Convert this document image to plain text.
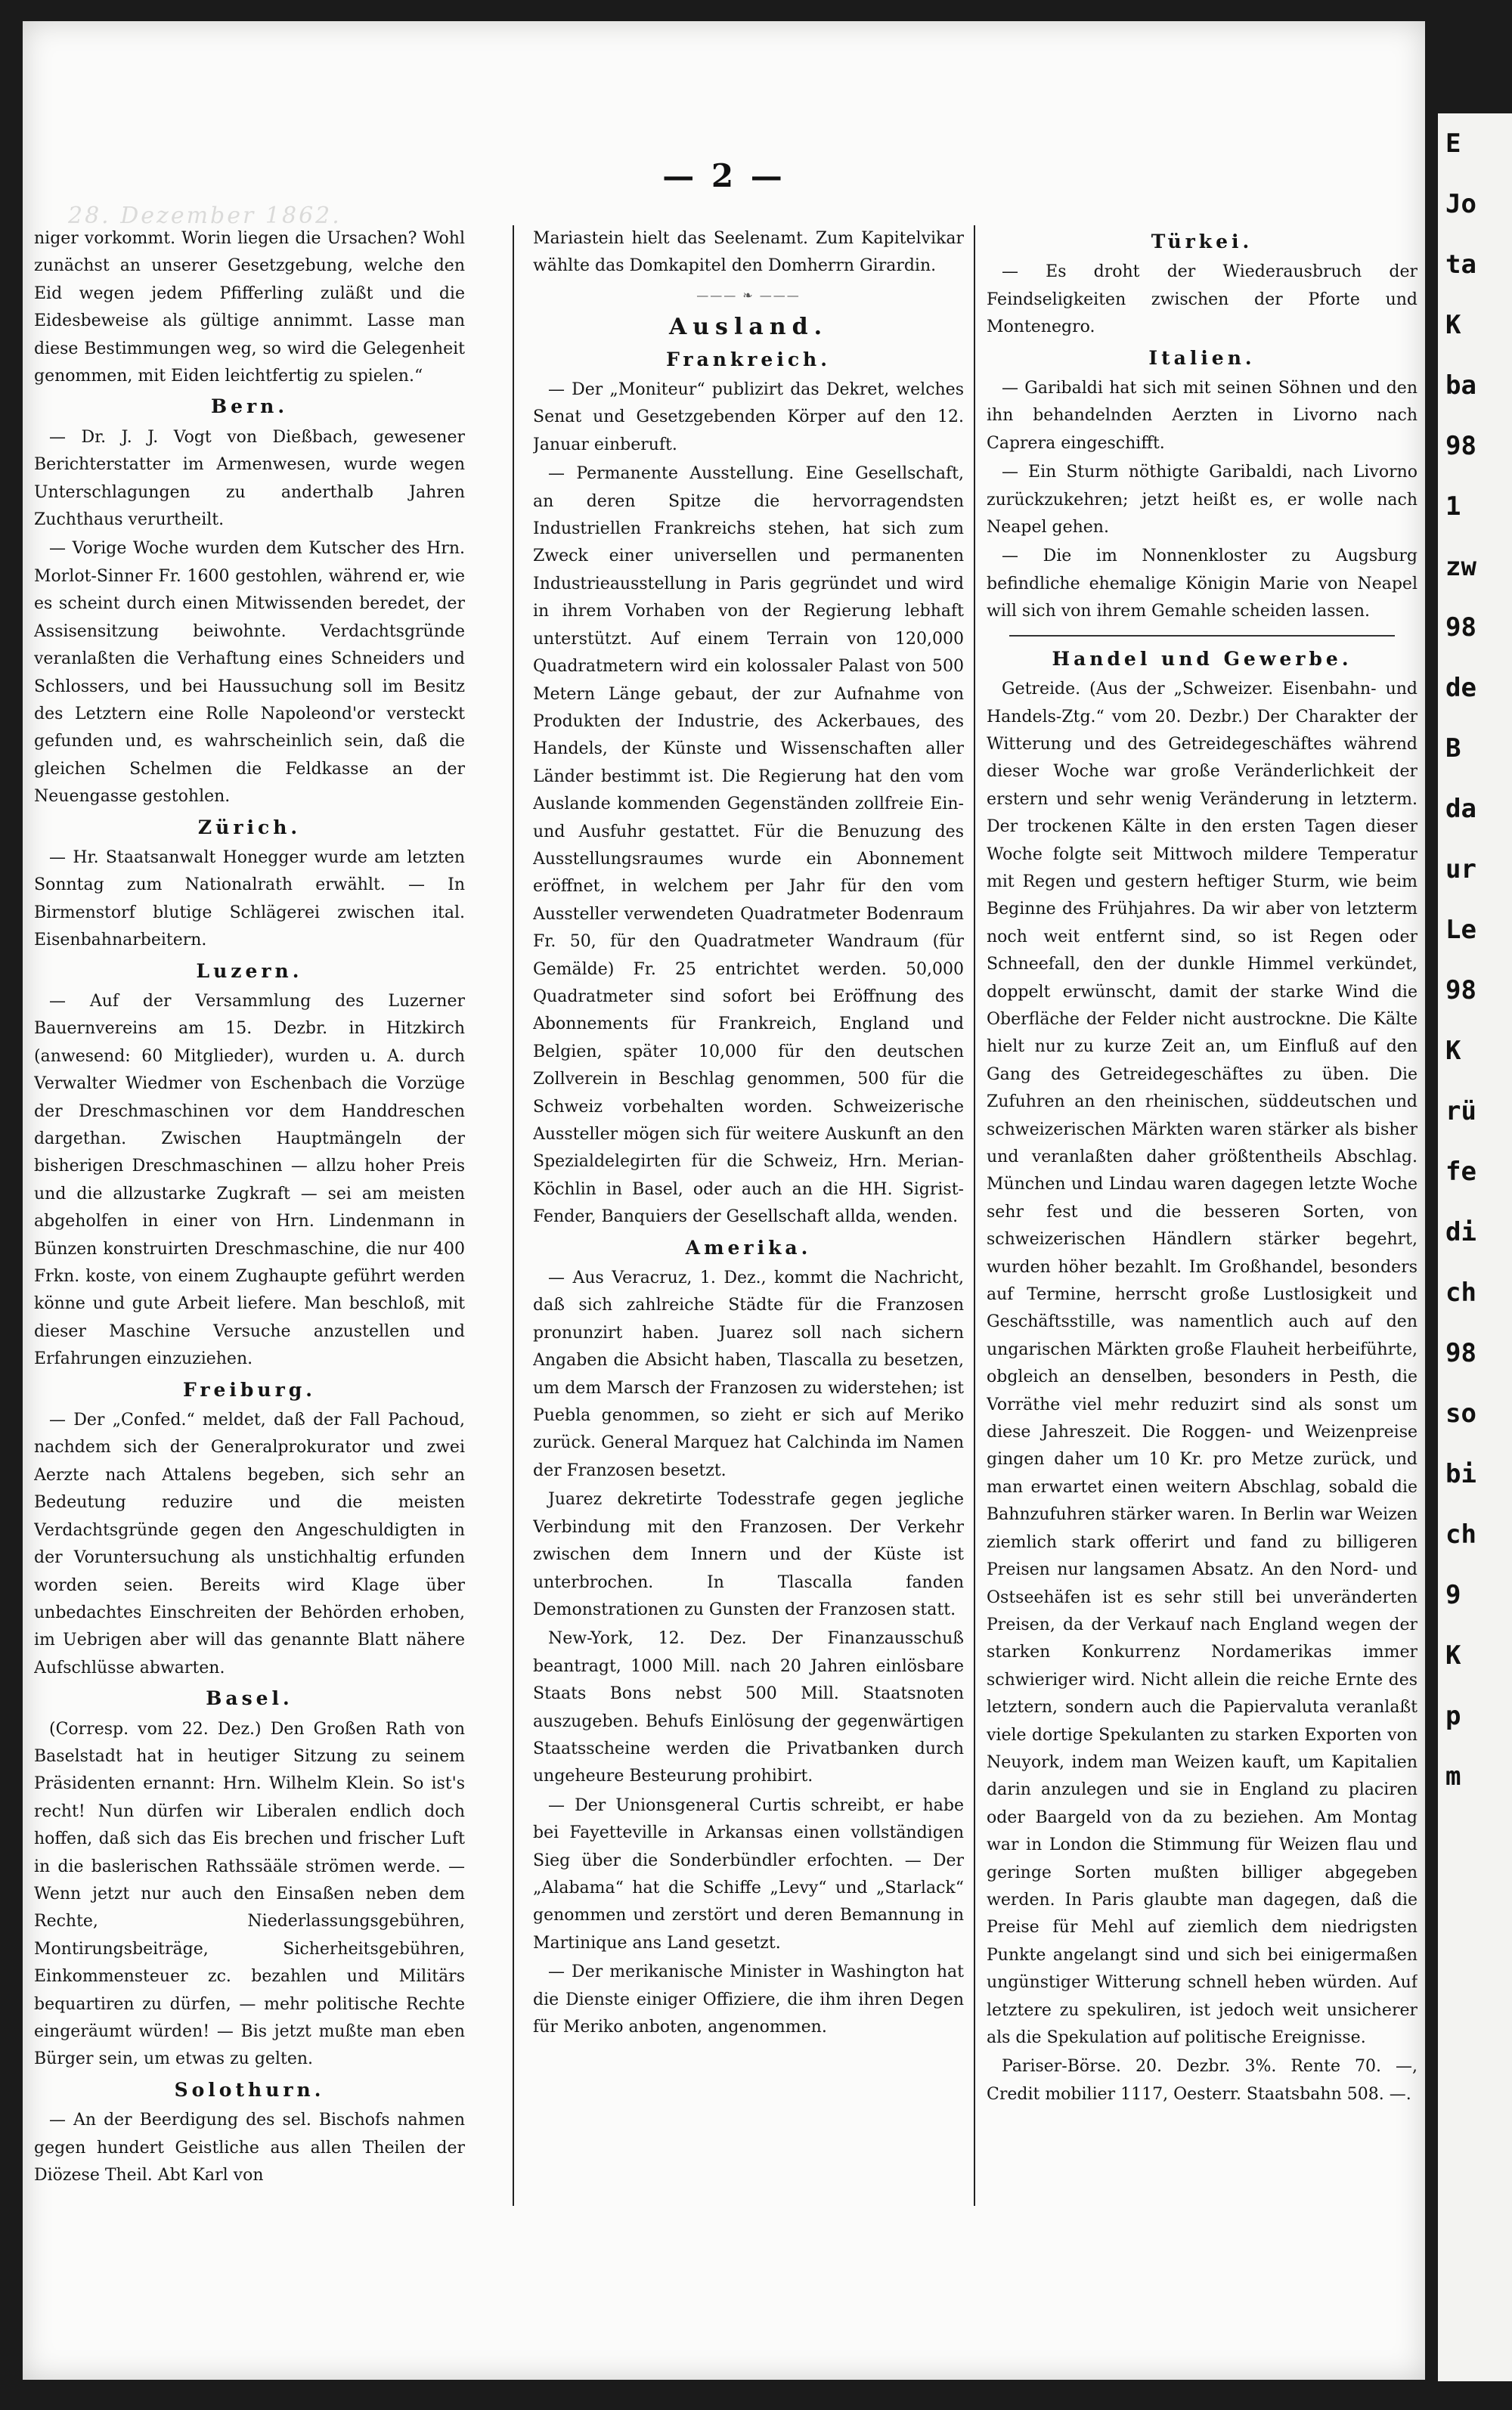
28. Dezember 1862.
— 2 —

niger vorkommt. Worin liegen die Ursachen? Wohl zunächst an unserer Gesetzgebung, welche den Eid wegen jedem Pfifferling zuläßt und die Eidesbeweise als gültige annimmt. Lasse man diese Bestimmungen weg, so wird die Gelegenheit genommen, mit Eiden leichtfertig zu spielen.“

Bern.

— Dr. J. J. Vogt von Dießbach, gewesener Berichterstatter im Armenwesen, wurde wegen Unterschlagungen zu anderthalb Jahren Zuchthaus verurtheilt.

— Vorige Woche wurden dem Kutscher des Hrn. Morlot-Sinner Fr. 1600 gestohlen, während er, wie es scheint durch einen Mitwissenden beredet, der Assisensitzung beiwohnte. Verdachtsgründe veranlaßten die Verhaftung eines Schneiders und Schlossers, und bei Haussuchung soll im Besitz des Letztern eine Rolle Napoleond'or versteckt gefunden und, es wahrscheinlich sein, daß die gleichen Schelmen die Feldkasse an der Neuengasse gestohlen.

Zürich.

— Hr. Staatsanwalt Honegger wurde am letzten Sonntag zum Nationalrath erwählt. — In Birmenstorf blutige Schlägerei zwischen ital. Eisenbahnarbeitern.

Luzern.

— Auf der Versammlung des Luzerner Bauernvereins am 15. Dezbr. in Hitzkirch (anwesend: 60 Mitglieder), wurden u. A. durch Verwalter Wiedmer von Eschenbach die Vorzüge der Dreschmaschinen vor dem Handdreschen dargethan. Zwischen Hauptmängeln der bisherigen Dreschmaschinen — allzu hoher Preis und die allzustarke Zugkraft — sei am meisten abgeholfen in einer von Hrn. Lindenmann in Bünzen konstruirten Dreschmaschine, die nur 400 Frkn. koste, von einem Zughaupte geführt werden könne und gute Arbeit liefere. Man beschloß, mit dieser Maschine Versuche anzustellen und Erfahrungen einzuziehen.

Freiburg.

— Der „Confed.“ meldet, daß der Fall Pachoud, nachdem sich der Generalprokurator und zwei Aerzte nach Attalens begeben, sich sehr an Bedeutung reduzire und die meisten Verdachtsgründe gegen den Angeschuldigten in der Voruntersuchung als unstichhaltig erfunden worden seien. Bereits wird Klage über unbedachtes Einschreiten der Behörden erhoben, im Uebrigen aber will das genannte Blatt nähere Aufschlüsse abwarten.

Basel.

(Corresp. vom 22. Dez.) Den Großen Rath von Baselstadt hat in heutiger Sitzung zu seinem Präsidenten ernannt: Hrn. Wilhelm Klein. So ist's recht! Nun dürfen wir Liberalen endlich doch hoffen, daß sich das Eis brechen und frischer Luft in die baslerischen Rathssääle strömen werde. — Wenn jetzt nur auch den Einsaßen neben dem Rechte, Niederlassungsgebühren, Montirungsbeiträge, Sicherheitsgebühren, Einkommensteuer zc. bezahlen und Militärs bequartiren zu dürfen, — mehr politische Rechte eingeräumt würden! — Bis jetzt mußte man eben Bürger sein, um etwas zu gelten.

Solothurn.

— An der Beerdigung des sel. Bischofs nahmen gegen hundert Geistliche aus allen Theilen der Diözese Theil. Abt Karl von

Mariastein hielt das Seelenamt. Zum Kapitelvikar wählte das Domkapitel den Domherrn Girardin.

——— ❧ ———
Ausland.
Frankreich.

— Der „Moniteur“ publizirt das Dekret, welches Senat und Gesetzgebenden Körper auf den 12. Januar einberuft.

— Permanente Ausstellung. Eine Gesellschaft, an deren Spitze die hervorragendsten Industriellen Frankreichs stehen, hat sich zum Zweck einer universellen und permanenten Industrieausstellung in Paris gegründet und wird in ihrem Vorhaben von der Regierung lebhaft unterstützt. Auf einem Terrain von 120,000 Quadratmetern wird ein kolossaler Palast von 500 Metern Länge gebaut, der zur Aufnahme von Produkten der Industrie, des Ackerbaues, des Handels, der Künste und Wissenschaften aller Länder bestimmt ist. Die Regierung hat den vom Auslande kommenden Gegenständen zollfreie Ein- und Ausfuhr gestattet. Für die Benuzung des Ausstellungsraumes wurde ein Abonnement eröffnet, in welchem per Jahr für den vom Aussteller verwendeten Quadratmeter Bodenraum Fr. 50, für den Quadratmeter Wandraum (für Gemälde) Fr. 25 entrichtet werden. 50,000 Quadratmeter sind sofort bei Eröffnung des Abonnements für Frankreich, England und Belgien, später 10,000 für den deutschen Zollverein in Beschlag genommen, 500 für die Schweiz vorbehalten worden. Schweizerische Aussteller mögen sich für weitere Auskunft an den Spezialdelegirten für die Schweiz, Hrn. Merian-Köchlin in Basel, oder auch an die HH. Sigrist-Fender, Banquiers der Gesellschaft allda, wenden.

Amerika.

— Aus Veracruz, 1. Dez., kommt die Nachricht, daß sich zahlreiche Städte für die Franzosen pronunzirt haben. Juarez soll nach sichern Angaben die Absicht haben, Tlascalla zu besetzen, um dem Marsch der Franzosen zu widerstehen; ist Puebla genommen, so zieht er sich auf Meriko zurück. General Marquez hat Calchinda im Namen der Franzosen besetzt.

Juarez dekretirte Todesstrafe gegen jegliche Verbindung mit den Franzosen. Der Verkehr zwischen dem Innern und der Küste ist unterbrochen. In Tlascalla fanden Demonstrationen zu Gunsten der Franzosen statt.

New-York, 12. Dez. Der Finanzausschuß beantragt, 1000 Mill. nach 20 Jahren einlösbare Staats Bons nebst 500 Mill. Staatsnoten auszugeben. Behufs Einlösung der gegenwärtigen Staatsscheine werden die Privatbanken durch ungeheure Besteurung prohibirt.

— Der Unionsgeneral Curtis schreibt, er habe bei Fayetteville in Arkansas einen vollständigen Sieg über die Sonderbündler erfochten. — Der „Alabama“ hat die Schiffe „Levy“ und „Starlack“ genommen und zerstört und deren Bemannung in Martinique ans Land gesetzt.

— Der merikanische Minister in Washington hat die Dienste einiger Offiziere, die ihm ihren Degen für Meriko anboten, angenommen.

Türkei.

— Es droht der Wiederausbruch der Feindseligkeiten zwischen der Pforte und Montenegro.

Italien.

— Garibaldi hat sich mit seinen Söhnen und den ihn behandelnden Aerzten in Livorno nach Caprera eingeschifft.

— Ein Sturm nöthigte Garibaldi, nach Livorno zurückzukehren; jetzt heißt es, er wolle nach Neapel gehen.

— Die im Nonnenkloster zu Augsburg befindliche ehemalige Königin Marie von Neapel will sich von ihrem Gemahle scheiden lassen.

Handel und Gewerbe.

Getreide. (Aus der „Schweizer. Eisenbahn- und Handels-Ztg.“ vom 20. Dezbr.) Der Charakter der Witterung und des Getreidegeschäftes während dieser Woche war große Veränderlichkeit der erstern und sehr wenig Veränderung in letzterm. Der trockenen Kälte in den ersten Tagen dieser Woche folgte seit Mittwoch mildere Temperatur mit Regen und gestern heftiger Sturm, wie beim Beginne des Frühjahres. Da wir aber von letzterm noch weit entfernt sind, so ist Regen oder Schneefall, den der dunkle Himmel verkündet, doppelt erwünscht, damit der starke Wind die Oberfläche der Felder nicht austrockne. Die Kälte hielt nur zu kurze Zeit an, um Einfluß auf den Gang des Getreidegeschäftes zu üben. Die Zufuhren an den rheinischen, süddeutschen und schweizerischen Märkten waren stärker als bisher und veranlaßten daher größtentheils Abschlag. München und Lindau waren dagegen letzte Woche sehr fest und die besseren Sorten, von schweizerischen Händlern stärker begehrt, wurden höher bezahlt. Im Großhandel, besonders auf Termine, herrscht große Lustlosigkeit und Geschäftsstille, was namentlich auch auf den ungarischen Märkten große Flauheit herbeiführte, obgleich an denselben, besonders in Pesth, die Vorräthe viel mehr reduzirt sind als sonst um diese Jahreszeit. Die Roggen- und Weizenpreise gingen daher um 10 Kr. pro Metze zurück, und man erwartet einen weitern Abschlag, sobald die Bahnzufuhren stärker waren. In Berlin war Weizen ziemlich stark offerirt und fand zu billigeren Preisen nur langsamen Absatz. An den Nord- und Ostseehäfen ist es sehr still bei unveränderten Preisen, da der Verkauf nach England wegen der starken Konkurrenz Nordamerikas immer schwieriger wird. Nicht allein die reiche Ernte des letztern, sondern auch die Papiervaluta veranlaßt viele dortige Spekulanten zu starken Exporten von Neuyork, indem man Weizen kauft, um Kapitalien darin anzulegen und sie in England zu placiren oder Baargeld von da zu beziehen. Am Montag war in London die Stimmung für Weizen flau und geringe Sorten mußten billiger abgegeben werden. In Paris glaubte man dagegen, daß die Preise für Mehl auf ziemlich dem niedrigsten Punkte angelangt sind und sich bei einigermaßen ungünstiger Witterung schnell heben würden. Auf letztere zu spekuliren, ist jedoch weit unsicherer als die Spekulation auf politische Ereignisse.

Pariser-Börse. 20. Dezbr. 3%. Rente 70. —, Credit mobilier 1117, Oesterr. Staatsbahn 508. —.

E
Jo
ta
K
ba
98
1
zw
98
de
B
da
ur
Le
98
K
rü
fe
di
ch
98
so
bi
ch
9
K
p
m
